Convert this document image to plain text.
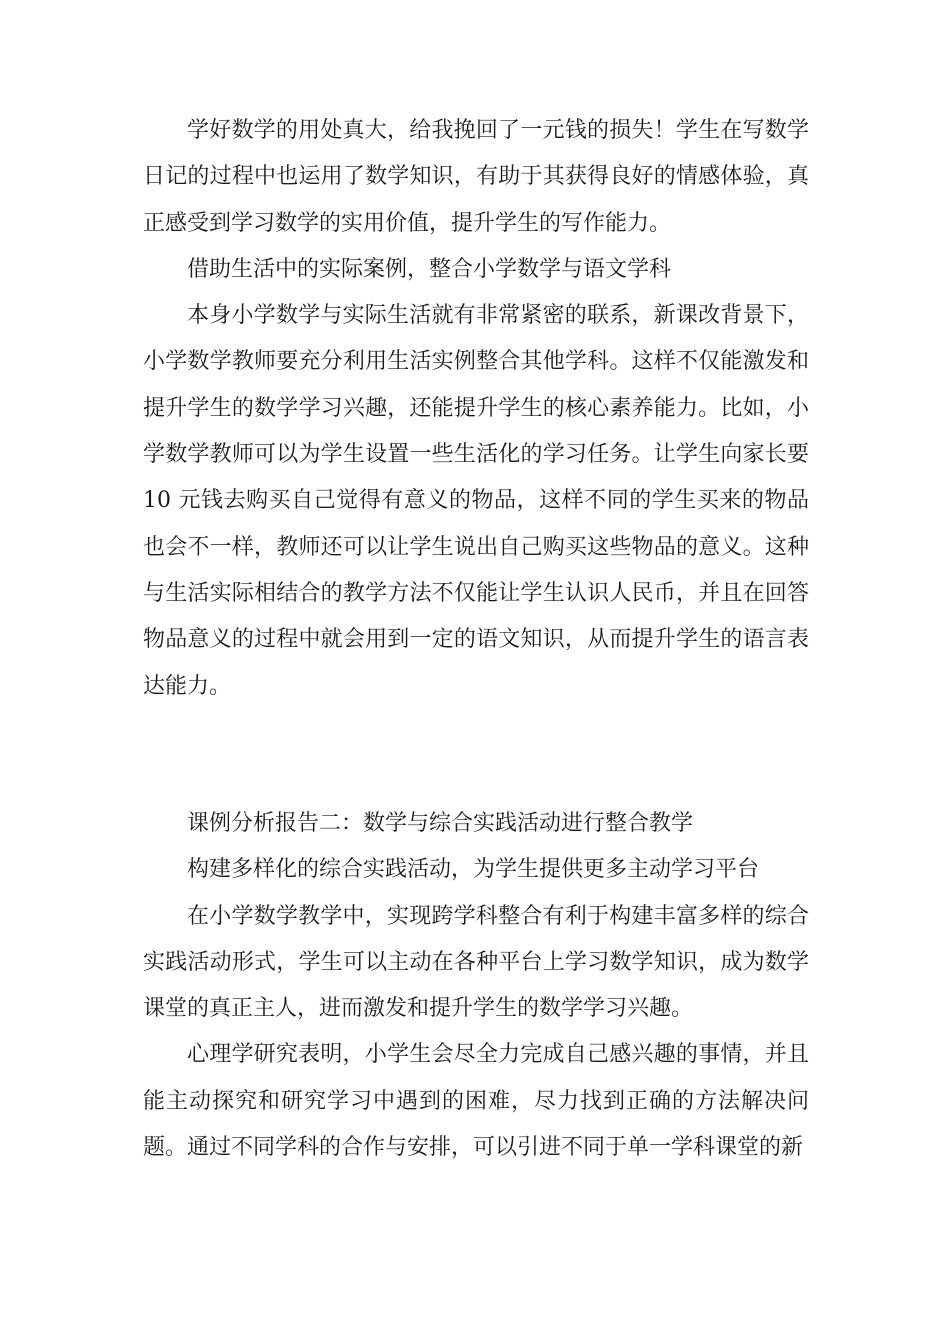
学好数学的用处真大，给我挽回了一元钱的损失！学生在写数学日记的过程中也运用了数学知识，有助于其获得良好的情感体验，真正感受到学习数学的实用价值，提升学生的写作能力。

借助生活中的实际案例，整合小学数学与语文学科

本身小学数学与实际生活就有非常紧密的联系，新课改背景下，小学数学教师要充分利用生活实例整合其他学科。这样不仅能激发和提升学生的数学学习兴趣，还能提升学生的核心素养能力。比如，小学数学教师可以为学生设置一些生活化的学习任务。让学生向家长要10 元钱去购买自己觉得有意义的物品，这样不同的学生买来的物品也会不一样，教师还可以让学生说出自己购买这些物品的意义。这种与生活实际相结合的教学方法不仅能让学生认识人民币，并且在回答物品意义的过程中就会用到一定的语文知识，从而提升学生的语言表达能力。

课例分析报告二：数学与综合实践活动进行整合教学

构建多样化的综合实践活动，为学生提供更多主动学习平台

在小学数学教学中，实现跨学科整合有利于构建丰富多样的综合实践活动形式，学生可以主动在各种平台上学习数学知识，成为数学课堂的真正主人，进而激发和提升学生的数学学习兴趣。

心理学研究表明，小学生会尽全力完成自己感兴趣的事情，并且能主动探究和研究学习中遇到的困难，尽力找到正确的方法解决问题。通过不同学科的合作与安排，可以引进不同于单一学科课堂的新
